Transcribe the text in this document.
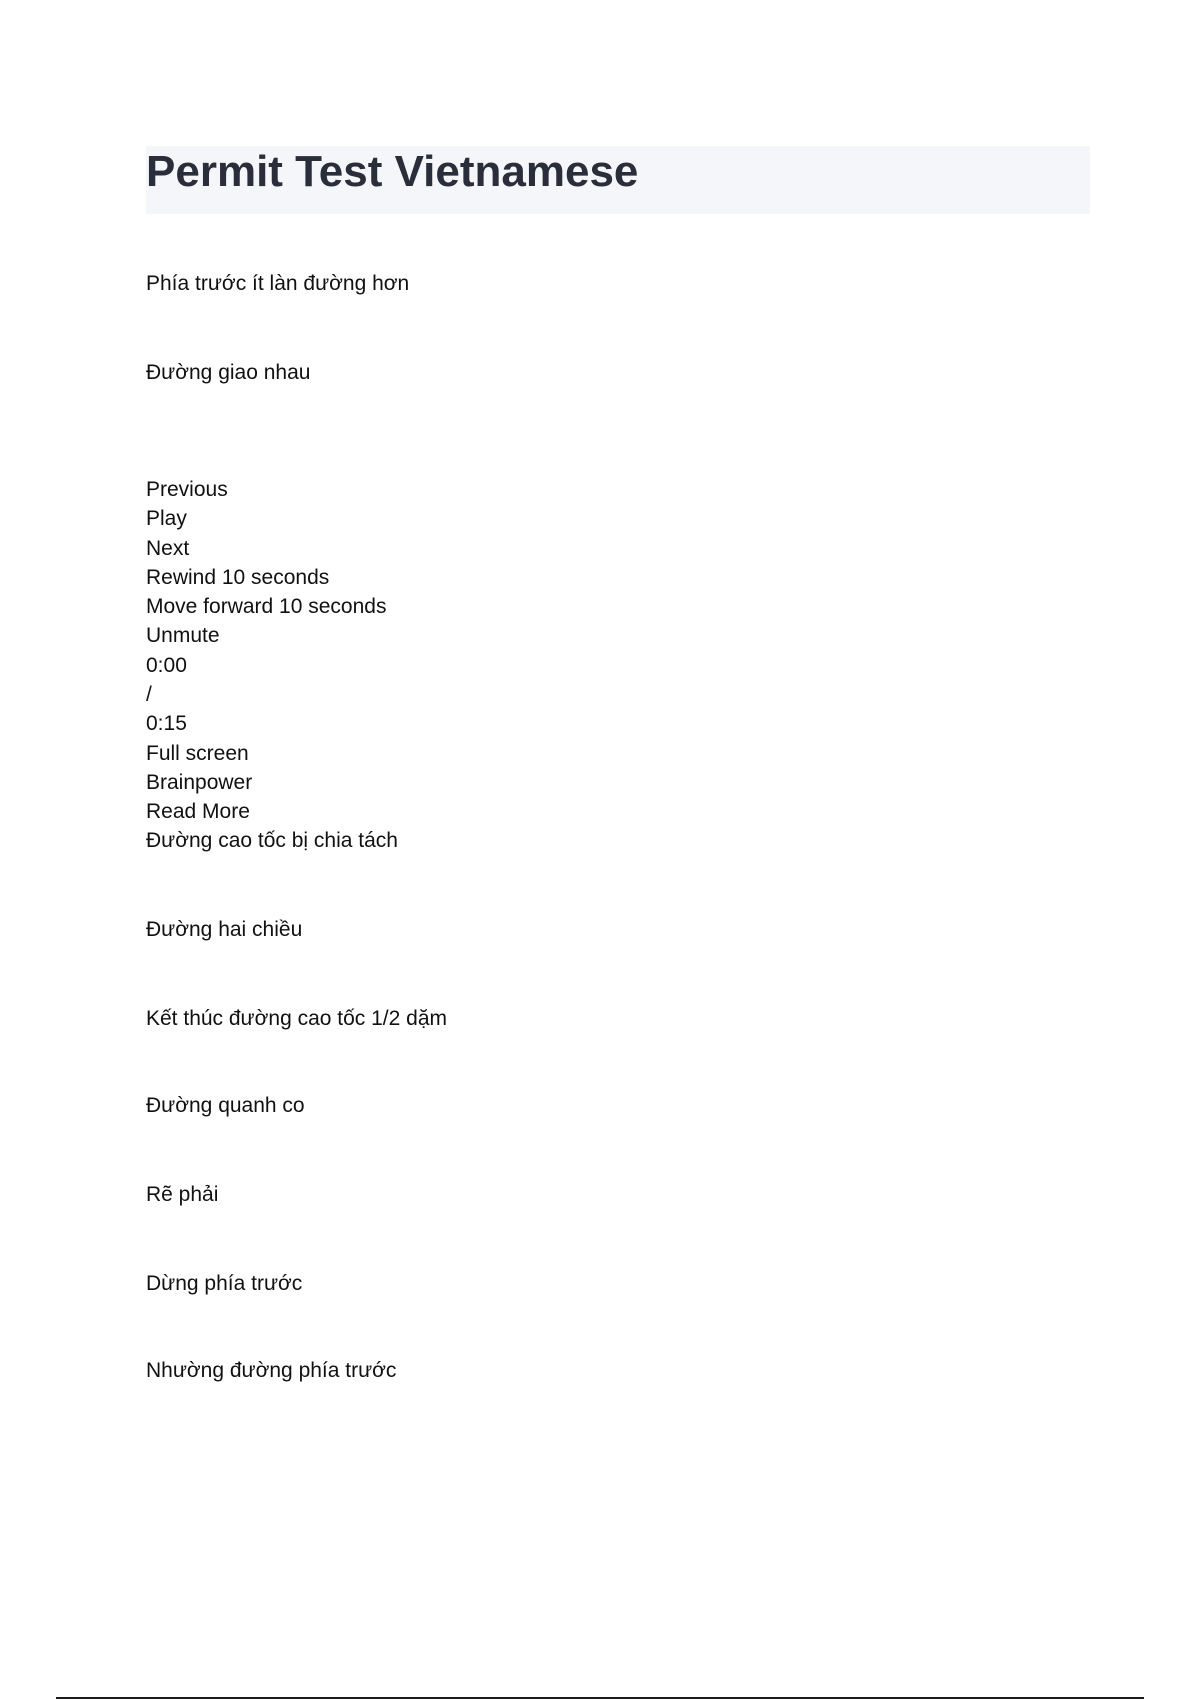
Permit Test Vietnamese
Phía trước ít làn đường hơn
Đường giao nhau
Previous
Play
Next
Rewind 10 seconds
Move forward 10 seconds
Unmute
0:00
/
0:15
Full screen
Brainpower
Read More
Đường cao tốc bị chia tách
Đường hai chiều
Kết thúc đường cao tốc 1/2 dặm
Đường quanh co
Rẽ phải
Dừng phía trước
Nhường đường phía trước
